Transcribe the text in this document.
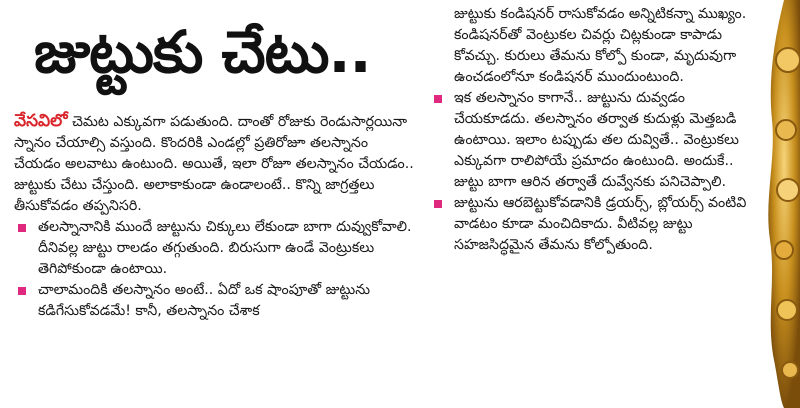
జుట్టుకు చేటు..

వేసవిలో చెమట ఎక్కువగా పడుతుంది. దాంతో రోజుకు రెండుసార్లయినా స్నానం చేయాల్సి వస్తుంది. కొందరికి ఎండల్లో ప్రతిరోజూ తలస్నానం చేయడం అలవాటు ఉంటుంది. అయితే, ఇలా రోజూ తలస్నానం చేయడం.. జుట్టుకు చేటు చేస్తుంది. అలాకాకుండా ఉండాలంటే.. కొన్ని జాగ్రత్తలు తీసుకోవడం తప్పనిసరి.

తలస్నానానికి ముందే జుట్టును చిక్కులు లేకుండా బాగా దువ్వుకోవాలి. దీనివల్ల జుట్టు రాలడం తగ్గుతుంది. బిరుసుగా ఉండే వెంట్రుకలు తెగిపోకుండా ఉంటాయి.

చాలామందికి తలస్నానం అంటే.. ఏదో ఒక షాంపూతో జుట్టును కడిగేసుకోవడమే! కానీ, తలస్నానం చేశాక

జుట్టుకు కండిషనర్ రాసుకోవడం అన్నిటికన్నా ముఖ్యం. కండిషనర్‌తో వెంట్రుకల చివర్లు చిట్లకుండా కాపాడు కోవచ్చు. కురులు తేమను కోల్పో కుండా, మృదువుగా ఉంచడంలోనూ కండిషనర్ ముందుంటుంది.

ఇక తలస్నానం కాగానే.. జుట్టును దువ్వడం చేయకూడదు. తలస్నానం తర్వాత కుదుళ్లు మెత్తబడి ఉంటాయి. ఇలాం టప్పుడు తల దువ్వితే.. వెంట్రుకలు ఎక్కువగా రాలిపోయే ప్రమాదం ఉంటుంది. అందుకే.. జుట్టు బాగా ఆరిన తర్వాతే దువ్వేనకు పనిచెప్పాలి.

జుట్టును ఆరబెట్టుకోవడానికి డ్రయర్స్, బ్లోయర్స్ వంటివి వాడటం కూడా మంచిదికాదు. వీటివల్ల జుట్టు సహజసిద్ధమైన తేమను కోల్పోతుంది.
